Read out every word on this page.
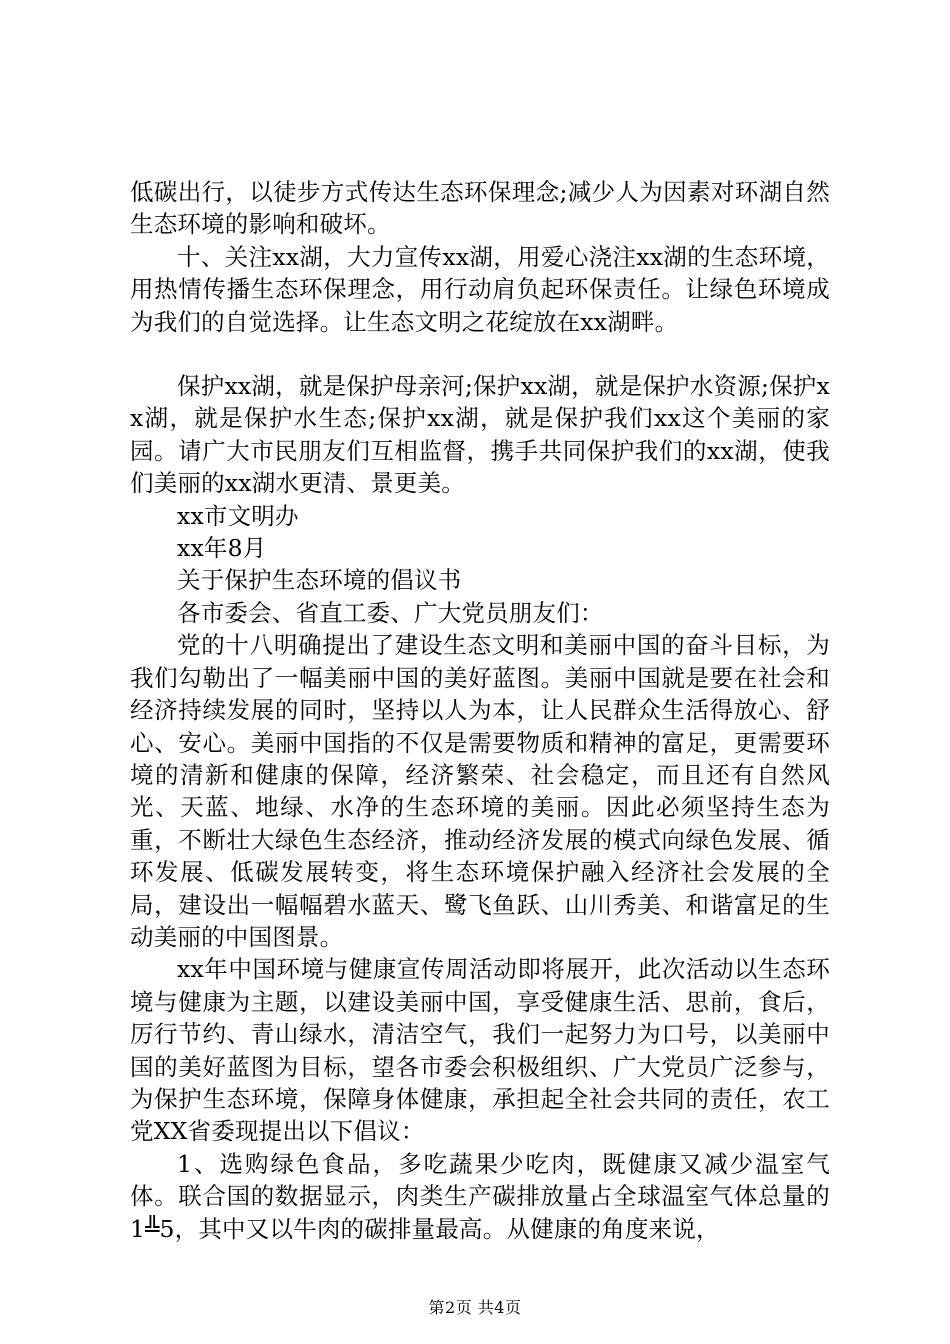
低碳出行，以徒步方式传达生态环保理念;减少人为因素对环湖自然生态环境的影响和破坏。

十、关注xx湖，大力宣传xx湖，用爱心浇注xx湖的生态环境，用热情传播生态环保理念，用行动肩负起环保责任。让绿色环境成为我们的自觉选择。让生态文明之花绽放在xx湖畔。

保护xx湖，就是保护母亲河;保护xx湖，就是保护水资源;保护xx湖，就是保护水生态;保护xx湖，就是保护我们xx这个美丽的家园。请广大市民朋友们互相监督，携手共同保护我们的xx湖，使我们美丽的xx湖水更清、景更美。

xx市文明办

xx年8月

关于保护生态环境的倡议书

各市委会、省直工委、广大党员朋友们：

党的十八明确提出了建设生态文明和美丽中国的奋斗目标，为我们勾勒出了一幅美丽中国的美好蓝图。美丽中国就是要在社会和经济持续发展的同时，坚持以人为本，让人民群众生活得放心、舒心、安心。美丽中国指的不仅是需要物质和精神的富足，更需要环境的清新和健康的保障，经济繁荣、社会稳定，而且还有自然风光、天蓝、地绿、水净的生态环境的美丽。因此必须坚持生态为重，不断壮大绿色生态经济，推动经济发展的模式向绿色发展、循环发展、低碳发展转变，将生态环境保护融入经济社会发展的全局，建设出一幅幅碧水蓝天、鹭飞鱼跃、山川秀美、和谐富足的生动美丽的中国图景。

xx年中国环境与健康宣传周活动即将展开，此次活动以生态环境与健康为主题，以建设美丽中国，享受健康生活、思前，食后，厉行节约、青山绿水，清洁空气，我们一起努力为口号，以美丽中国的美好蓝图为目标，望各市委会积极组织、广大党员广泛参与，为保护生态环境，保障身体健康，承担起全社会共同的责任，农工党XX省委现提出以下倡议：

1、选购绿色食品，多吃蔬果少吃肉，既健康又减少温室气体。联合国的数据显示，肉类生产碳排放量占全球温室气体总量的1╩5，其中又以牛肉的碳排量最高。从健康的角度来说，

第2页 共4页
